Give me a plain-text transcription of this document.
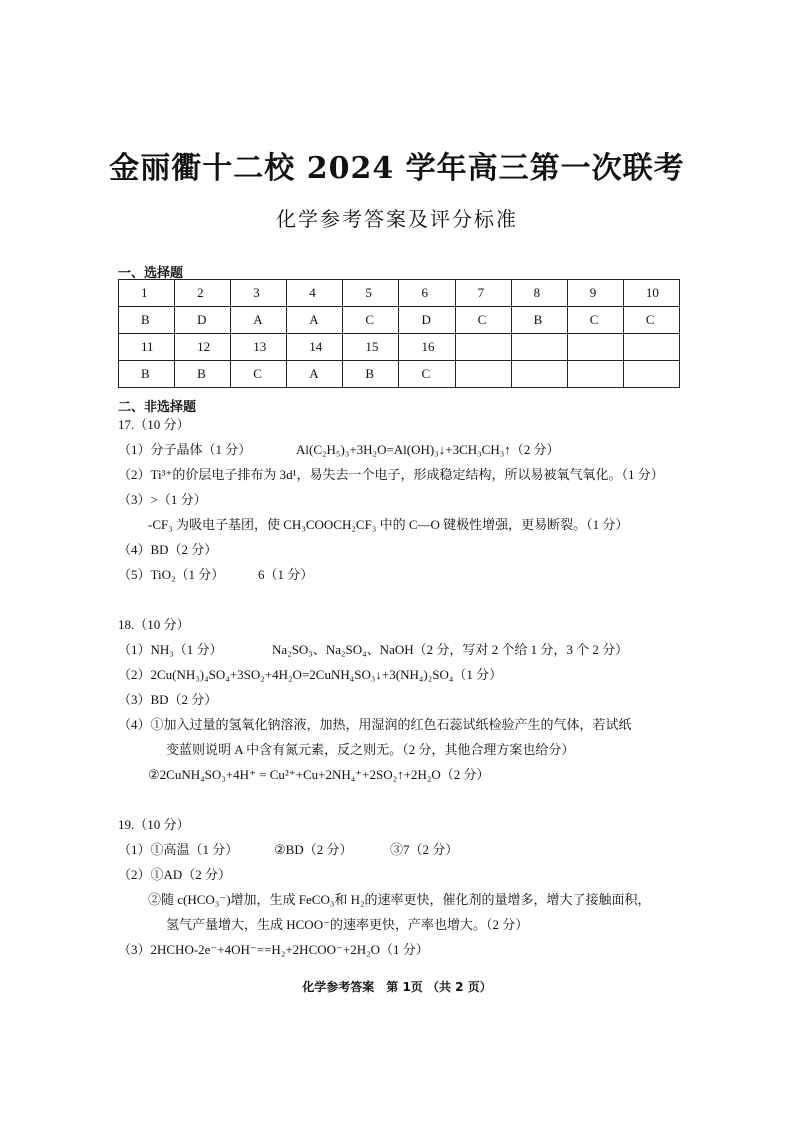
金丽衢十二校 2024 学年高三第一次联考
化学参考答案及评分标准
一、选择题
1	2	3	4	5	6	7	8	9	10
B	D	A	A	C	D	C	B	C	C
11	12	13	14	15	16				
B	B	C	A	B	C				
二、非选择题
17.（10 分）
（1）分子晶体（1 分）	Al(C₂H₅)₃+3H₂O=Al(OH)₃↓+3CH₃CH₃↑（2 分）
（2）Ti³⁺的价层电子排布为 3d¹，易失去一个电子，形成稳定结构，所以易被氧气氧化。（1 分）
（3）>（1 分）
-CF₃ 为吸电子基团，使 CH₃COOCH₂CF₃ 中的 C—O 键极性增强，更易断裂。（1 分）
（4）BD（2 分）
（5）TiO₂（1 分）	6（1 分）
18.（10 分）
（1）NH₃（1 分）	Na₂SO₃、Na₂SO₄、NaOH（2 分，写对 2 个给 1 分，3 个 2 分）
（2）2Cu(NH₃)₄SO₄+3SO₂+4H₂O=2CuNH₄SO₃↓+3(NH₄)₂SO₄（1 分）
（3）BD（2 分）
（4）①加入过量的氢氧化钠溶液，加热，用湿润的红色石蕊试纸检验产生的气体，若试纸
变蓝则说明 A 中含有氮元素，反之则无。（2 分，其他合理方案也给分）
②2CuNH₄SO₃+4H⁺ = Cu²⁺+Cu+2NH₄⁺+2SO₂↑+2H₂O（2 分）
19.（10 分）
（1）①高温（1 分）	②BD（2 分）	③7（2 分）
（2）①AD（2 分）
②随 c(HCO₃⁻)增加，生成 FeCO₃和 H₂的速率更快，催化剂的量增多，增大了接触面积，
氢气产量增大，生成 HCOO⁻的速率更快，产率也增大。（2 分）
（3）2HCHO-2e⁻+4OH⁻==H₂+2HCOO⁻+2H₂O（1 分）
化学参考答案　第 1页 （共 2 页）
